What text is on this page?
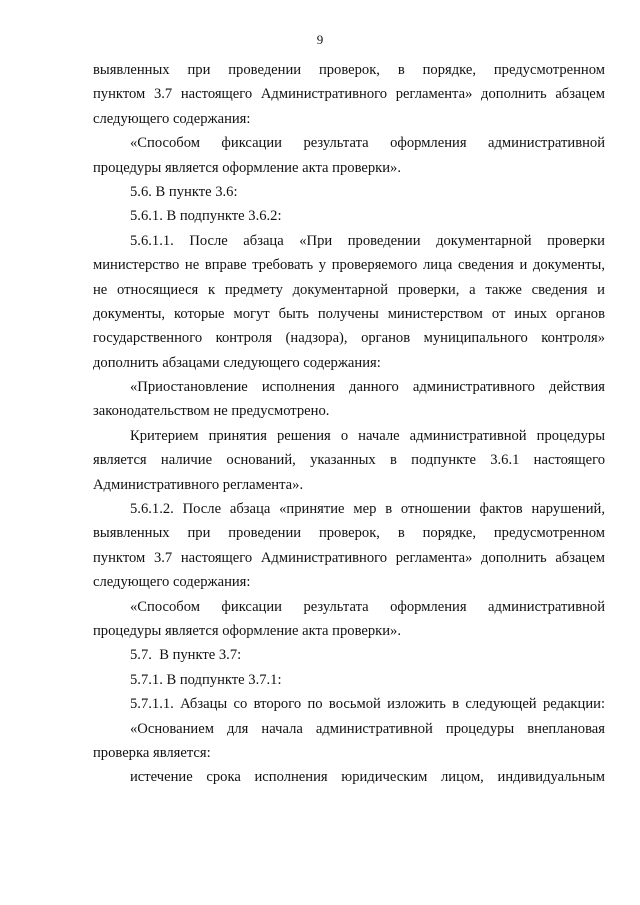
9
выявленных при проведении проверок, в порядке, предусмотренном
пунктом 3.7 настоящего Административного регламента» дополнить абзацем
следующего содержания:
«Способом фиксации результата оформления административной
процедуры является оформление акта проверки».
5.6. В пункте 3.6:
5.6.1. В подпункте 3.6.2:
5.6.1.1. После абзаца «При проведении документарной проверки
министерство не вправе требовать у проверяемого лица сведения и документы,
не относящиеся к предмету документарной проверки, а также сведения и
документы, которые могут быть получены министерством от иных органов
государственного контроля (надзора), органов муниципального контроля»
дополнить абзацами следующего содержания:
«Приостановление исполнения данного административного действия
законодательством не предусмотрено.
Критерием принятия решения о начале административной процедуры
является наличие оснований, указанных в подпункте 3.6.1 настоящего
Административного регламента».
5.6.1.2. После абзаца «принятие мер в отношении фактов нарушений,
выявленных при проведении проверок, в порядке, предусмотренном
пунктом 3.7 настоящего Административного регламента» дополнить абзацем
следующего содержания:
«Способом фиксации результата оформления административной
процедуры является оформление акта проверки».
5.7.  В пункте 3.7:
5.7.1. В подпункте 3.7.1:
5.7.1.1. Абзацы со второго по восьмой изложить в следующей редакции:
«Основанием для начала административной процедуры внеплановая
проверка является:
истечение срока исполнения юридическим лицом, индивидуальным
